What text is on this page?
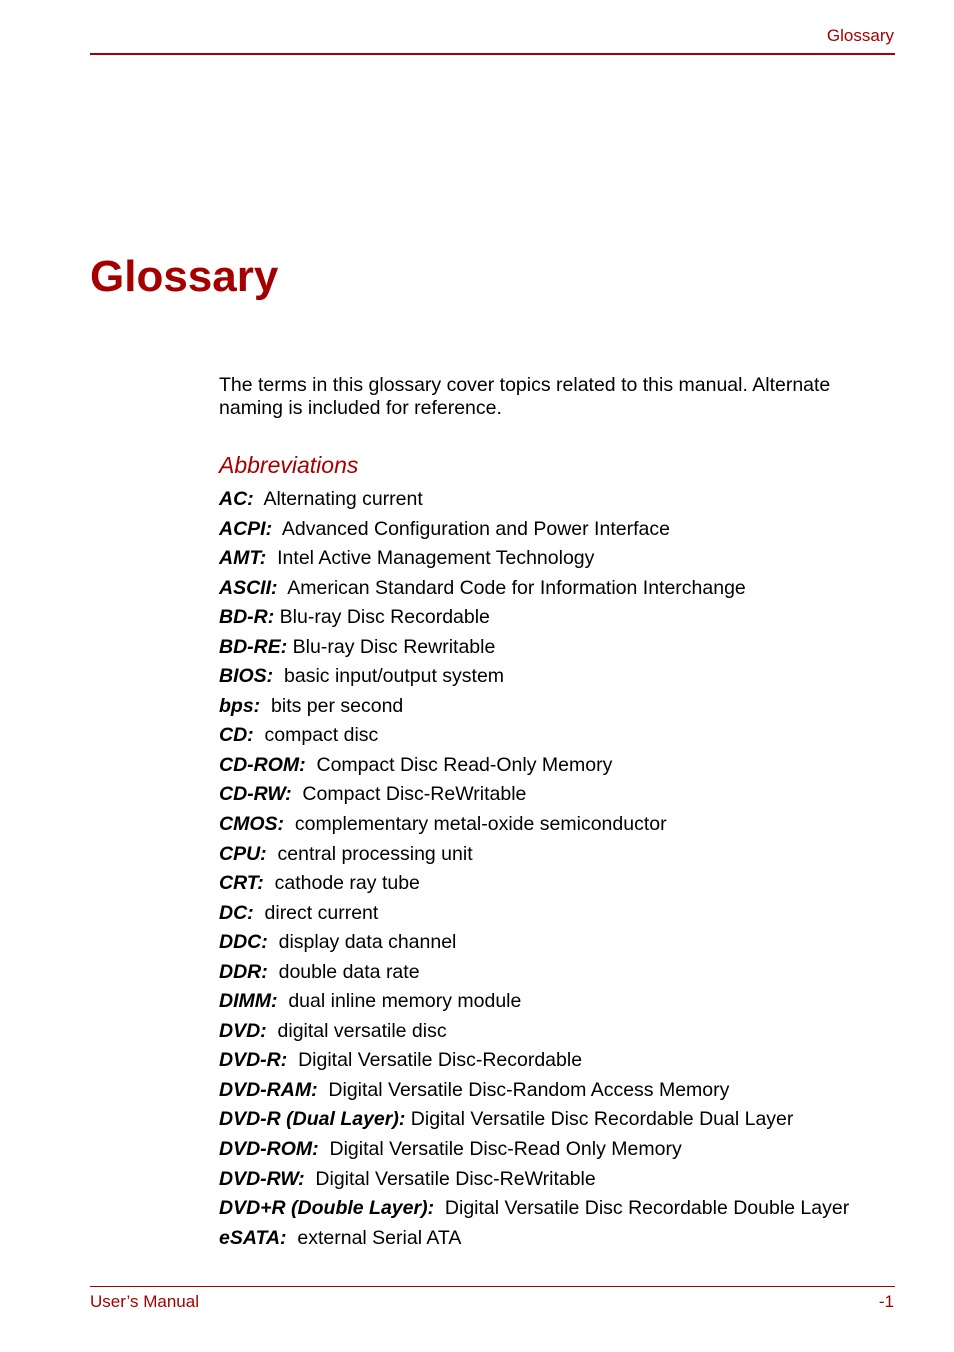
Glossary
Glossary

The terms in this glossary cover topics related to this manual. Alternate naming is included for reference.

Abbreviations
AC: Alternating current
ACPI: Advanced Configuration and Power Interface
AMT: Intel Active Management Technology
ASCII: American Standard Code for Information Interchange
BD-R: Blu-ray Disc Recordable
BD-RE: Blu-ray Disc Rewritable
BIOS: basic input/output system
bps: bits per second
CD: compact disc
CD-ROM: Compact Disc Read-Only Memory
CD-RW: Compact Disc-ReWritable
CMOS: complementary metal-oxide semiconductor
CPU: central processing unit
CRT: cathode ray tube
DC: direct current
DDC: display data channel
DDR: double data rate
DIMM: dual inline memory module
DVD: digital versatile disc
DVD-R: Digital Versatile Disc-Recordable
DVD-RAM: Digital Versatile Disc-Random Access Memory
DVD-R (Dual Layer): Digital Versatile Disc Recordable Dual Layer
DVD-ROM: Digital Versatile Disc-Read Only Memory
DVD-RW: Digital Versatile Disc-ReWritable
DVD+R (Double Layer): Digital Versatile Disc Recordable Double Layer
eSATA: external Serial ATA
User’s Manual	-1
